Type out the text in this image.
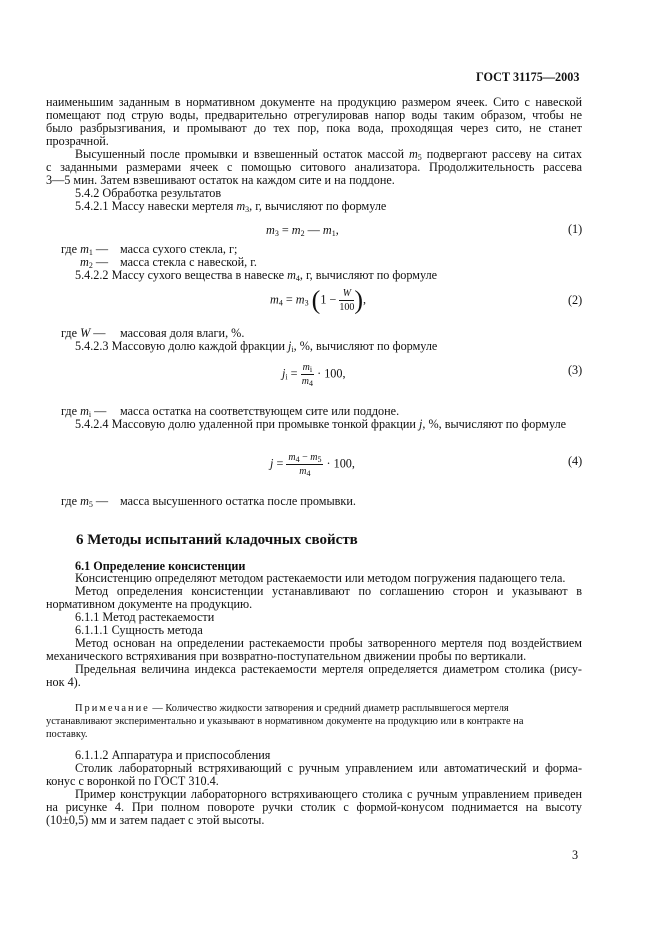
ГОСТ 31175—2003
наименьшим заданным в нормативном документе на продукцию размером ячеек. Сито с навеской
помещают под струю воды, предварительно отрегулировав напор воды таким образом, чтобы не
было разбрызгивания, и промывают до тех пор, пока вода, проходящая через сито, не станет
прозрачной.
Высушенный после промывки и взвешенный остаток массой $m_5$ подвергают рассеву на ситах
с заданными размерами ячеек с помощью ситового анализатора. Продолжительность рассева
3—5 мин. Затем взвешивают остаток на каждом сите и на поддоне.
5.4.2 Обработка результатов
5.4.2.1 Массу навески мертеля $m_3$, г, вычисляют по формуле
$m_3 = m_2$ — $m_1$,	(1)
где $m_1$ — масса сухого стекла, г;
$m_2$ — масса стекла с навеской, г.
5.4.2.2 Массу сухого вещества в навеске $m_4$, г, вычисляют по формуле
$m_4 = m_3$ ($1 - \frac{W}{100}$ ),	(2)
где W — массовая доля влаги, %.
5.4.2.3 Массовую долю каждой фракции $j_i$, %, вычисляют по формуле
$j_i = \frac{m_i}{m_4} \cdot 100$,	(3)
где $m_i$ — масса остатка на соответствующем сите или поддоне.
5.4.2.4 Массовую долю удаленной при промывке тонкой фракции j, %, вычисляют по формуле
$j = \frac{m_4 - m_5}{m_4} \cdot 100$,	(4)
где $m_5$ — масса высушенного остатка после промывки.
6 Методы испытаний кладочных свойств
6.1 Определение консистенции
Консистенцию определяют методом растекаемости или методом погружения падающего тела.
Метод определения консистенции устанавливают по соглашению сторон и указывают в
нормативном документе на продукцию.
6.1.1 Метод растекаемости
6.1.1.1 Сущность метода
Метод основан на определении растекаемости пробы затворенного мертеля под воздействием
механического встряхивания при возвратно-поступательном движении пробы по вертикали.
Предельная величина индекса растекаемости мертеля определяется диаметром столика (рису-
нок 4).
Примечание — Количество жидкости затворения и средний диаметр расплывшегося мертеля
устанавливают экспериментально и указывают в нормативном документе на продукцию или в контракте на
поставку.
6.1.1.2 Аппаратура и приспособления
Столик лабораторный встряхивающий с ручным управлением или автоматический и форма-
конус с воронкой по ГОСТ 310.4.
Пример конструкции лабораторного встряхивающего столика с ручным управлением приведен
на рисунке 4. При полном повороте ручки столик с формой-конусом поднимается на высоту
(10±0,5) мм и затем падает с этой высоты.
3
